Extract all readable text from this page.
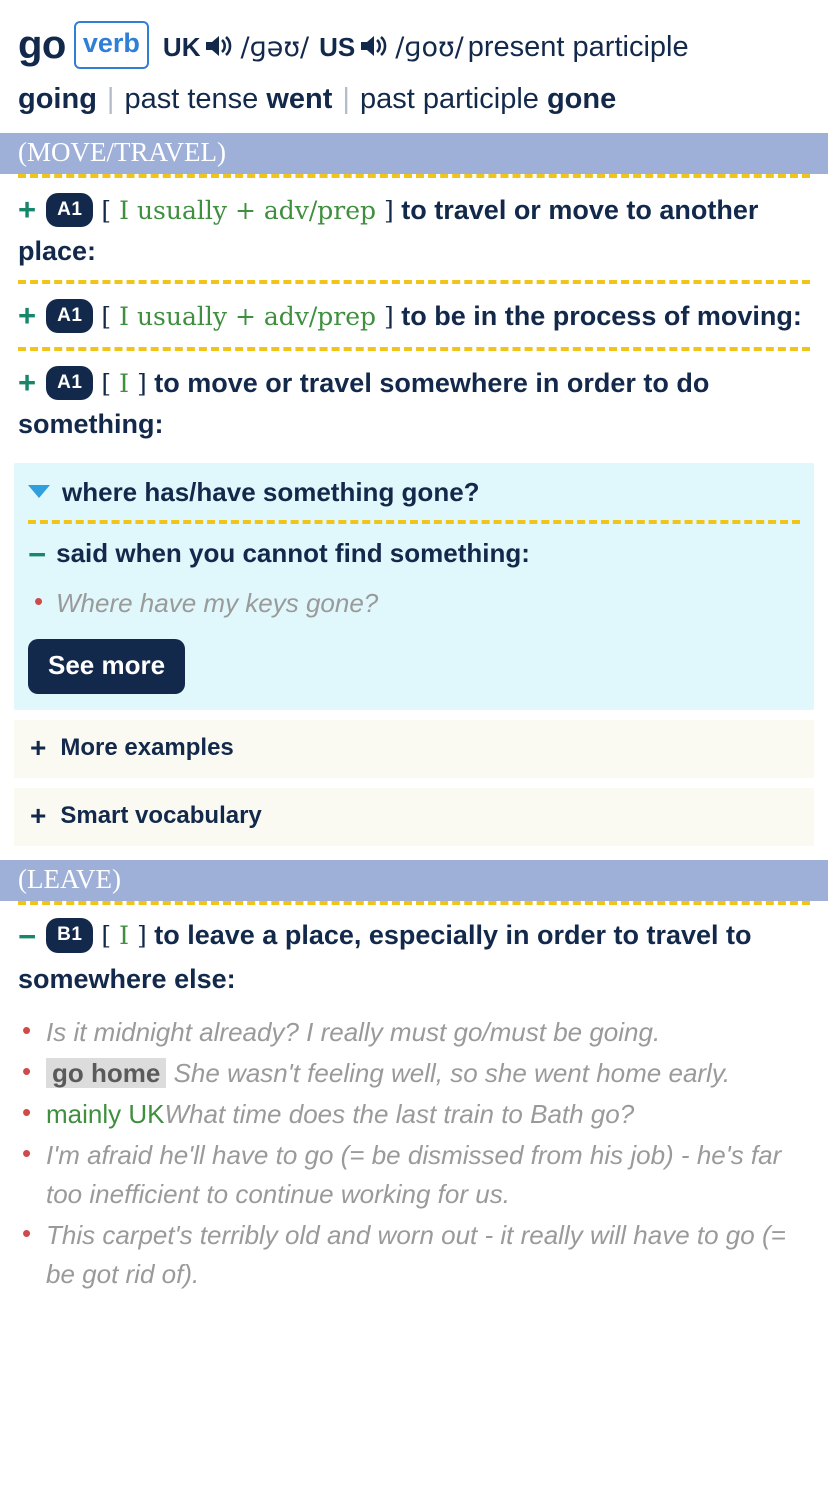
go verb UK /ɡəʊ/ US /ɡoʊ/ present participle going | past tense went | past participle gone
(MOVE/TRAVEL)
+ A1 [ I usually + adv/prep ] to travel or move to another place:
+ A1 [ I usually + adv/prep ] to be in the process of moving:
+ A1 [ I ] to move or travel somewhere in order to do something:
where has/have something gone?
− said when you cannot find something:
• Where have my keys gone?
See more
+ More examples
+ Smart vocabulary
(LEAVE)
− B1 [ I ] to leave a place, especially in order to travel to somewhere else:
• Is it midnight already? I really must go/must be going.
• go home She wasn't feeling well, so she went home early.
• mainly UKWhat time does the last train to Bath go?
• I'm afraid he'll have to go (= be dismissed from his job) - he's far too inefficient to continue working for us.
• This carpet's terribly old and worn out - it really will have to go (= be got rid of).
